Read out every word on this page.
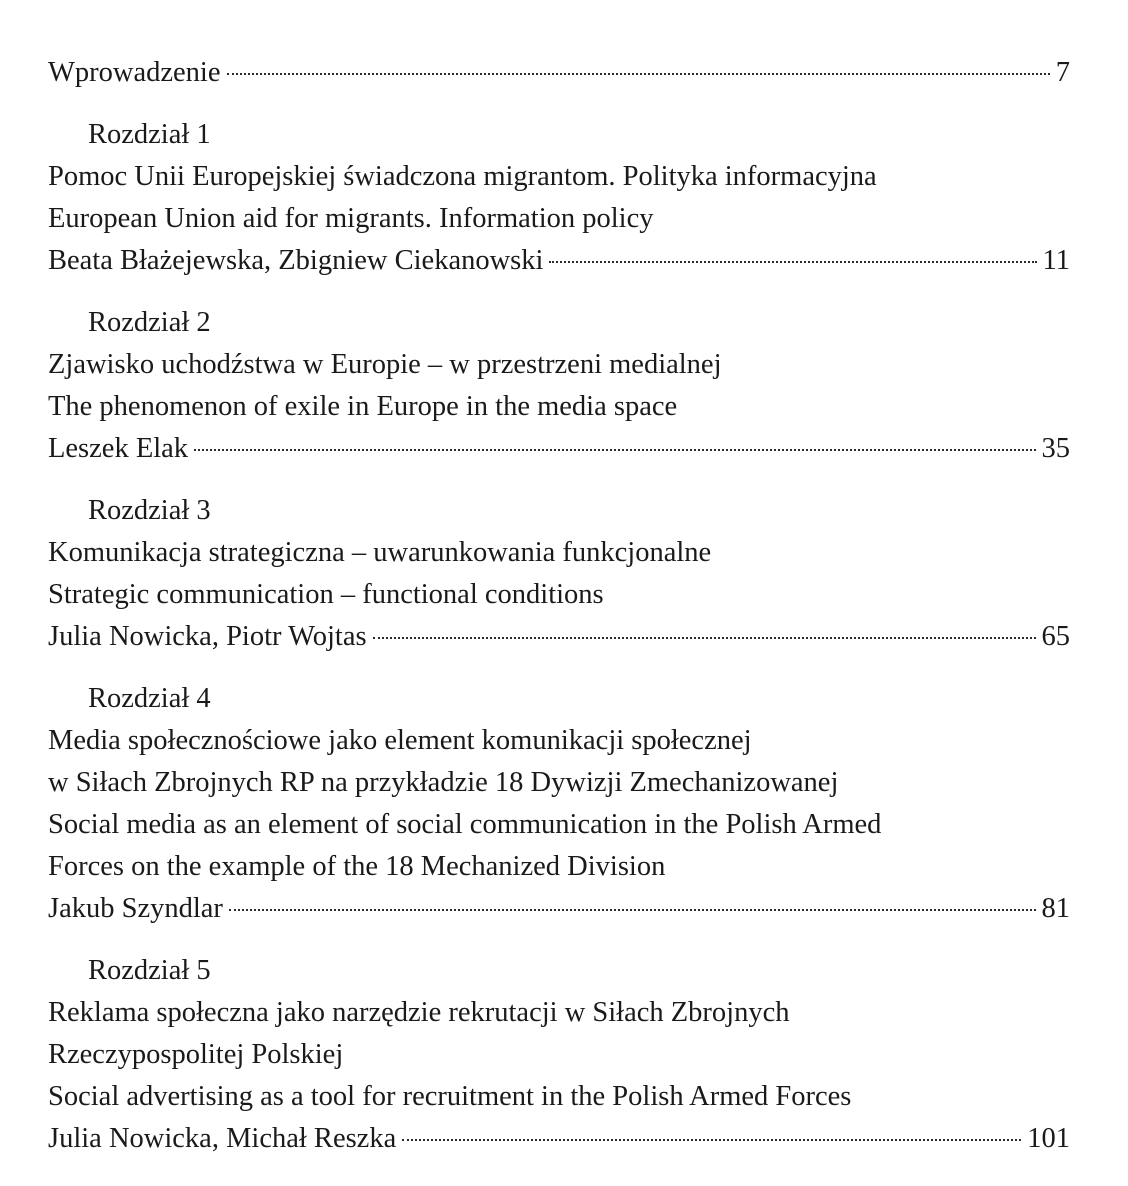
Wprowadzenie	7
Rozdział 1
Pomoc Unii Europejskiej świadczona migrantom. Polityka informacyjna
European Union aid for migrants. Information policy
Beata Błażejewska, Zbigniew Ciekanowski	11
Rozdział 2
Zjawisko uchodźstwa w Europie – w przestrzeni medialnej
The phenomenon of exile in Europe in the media space
Leszek Elak	35
Rozdział 3
Komunikacja strategiczna – uwarunkowania funkcjonalne
Strategic communication – functional conditions
Julia Nowicka, Piotr Wojtas	65
Rozdział 4
Media społecznościowe jako element komunikacji społecznej
w Siłach Zbrojnych RP na przykładzie 18 Dywizji Zmechanizowanej
Social media as an element of social communication in the Polish Armed
Forces on the example of the 18 Mechanized Division
Jakub Szyndlar	81
Rozdział 5
Reklama społeczna jako narzędzie rekrutacji w Siłach Zbrojnych
Rzeczypospolitej Polskiej
Social advertising as a tool for recruitment in the Polish Armed Forces
Julia Nowicka, Michał Reszka	101
